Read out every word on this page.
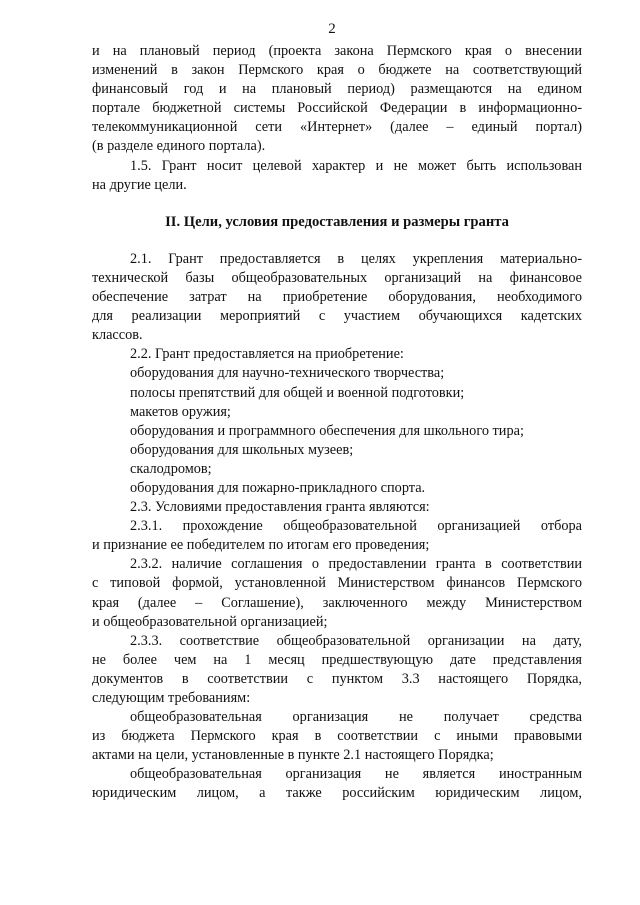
2
и на плановый период (проекта закона Пермского края о внесении
изменений в закон Пермского края о бюджете на соответствующий
финансовый год и на плановый период) размещаются на едином
портале бюджетной системы Российской Федерации в информационно-
телекоммуникационной сети «Интернет» (далее – единый портал)
(в разделе единого портала).
1.5. Грант носит целевой характер и не может быть использован
на другие цели.
II. Цели, условия предоставления и размеры гранта
2.1. Грант предоставляется в целях укрепления материально-
технической базы общеобразовательных организаций на финансовое
обеспечение затрат на приобретение оборудования, необходимого
для реализации мероприятий с участием обучающихся кадетских
классов.
2.2. Грант предоставляется на приобретение:
оборудования для научно-технического творчества;
полосы препятствий для общей и военной подготовки;
макетов оружия;
оборудования и программного обеспечения для школьного тира;
оборудования для школьных музеев;
скалодромов;
оборудования для пожарно-прикладного спорта.
2.3. Условиями предоставления гранта являются:
2.3.1. прохождение общеобразовательной организацией отбора
и признание ее победителем по итогам его проведения;
2.3.2. наличие соглашения о предоставлении гранта в соответствии
с типовой формой, установленной Министерством финансов Пермского
края (далее – Соглашение), заключенного между Министерством
и общеобразовательной организацией;
2.3.3. соответствие общеобразовательной организации на дату,
не более чем на 1 месяц предшествующую дате представления
документов в соответствии с пунктом 3.3 настоящего Порядка,
следующим требованиям:
общеобразовательная организация не получает средства
из бюджета Пермского края в соответствии с иными правовыми
актами на цели, установленные в пункте 2.1 настоящего Порядка;
общеобразовательная организация не является иностранным
юридическим лицом, а также российским юридическим лицом,
